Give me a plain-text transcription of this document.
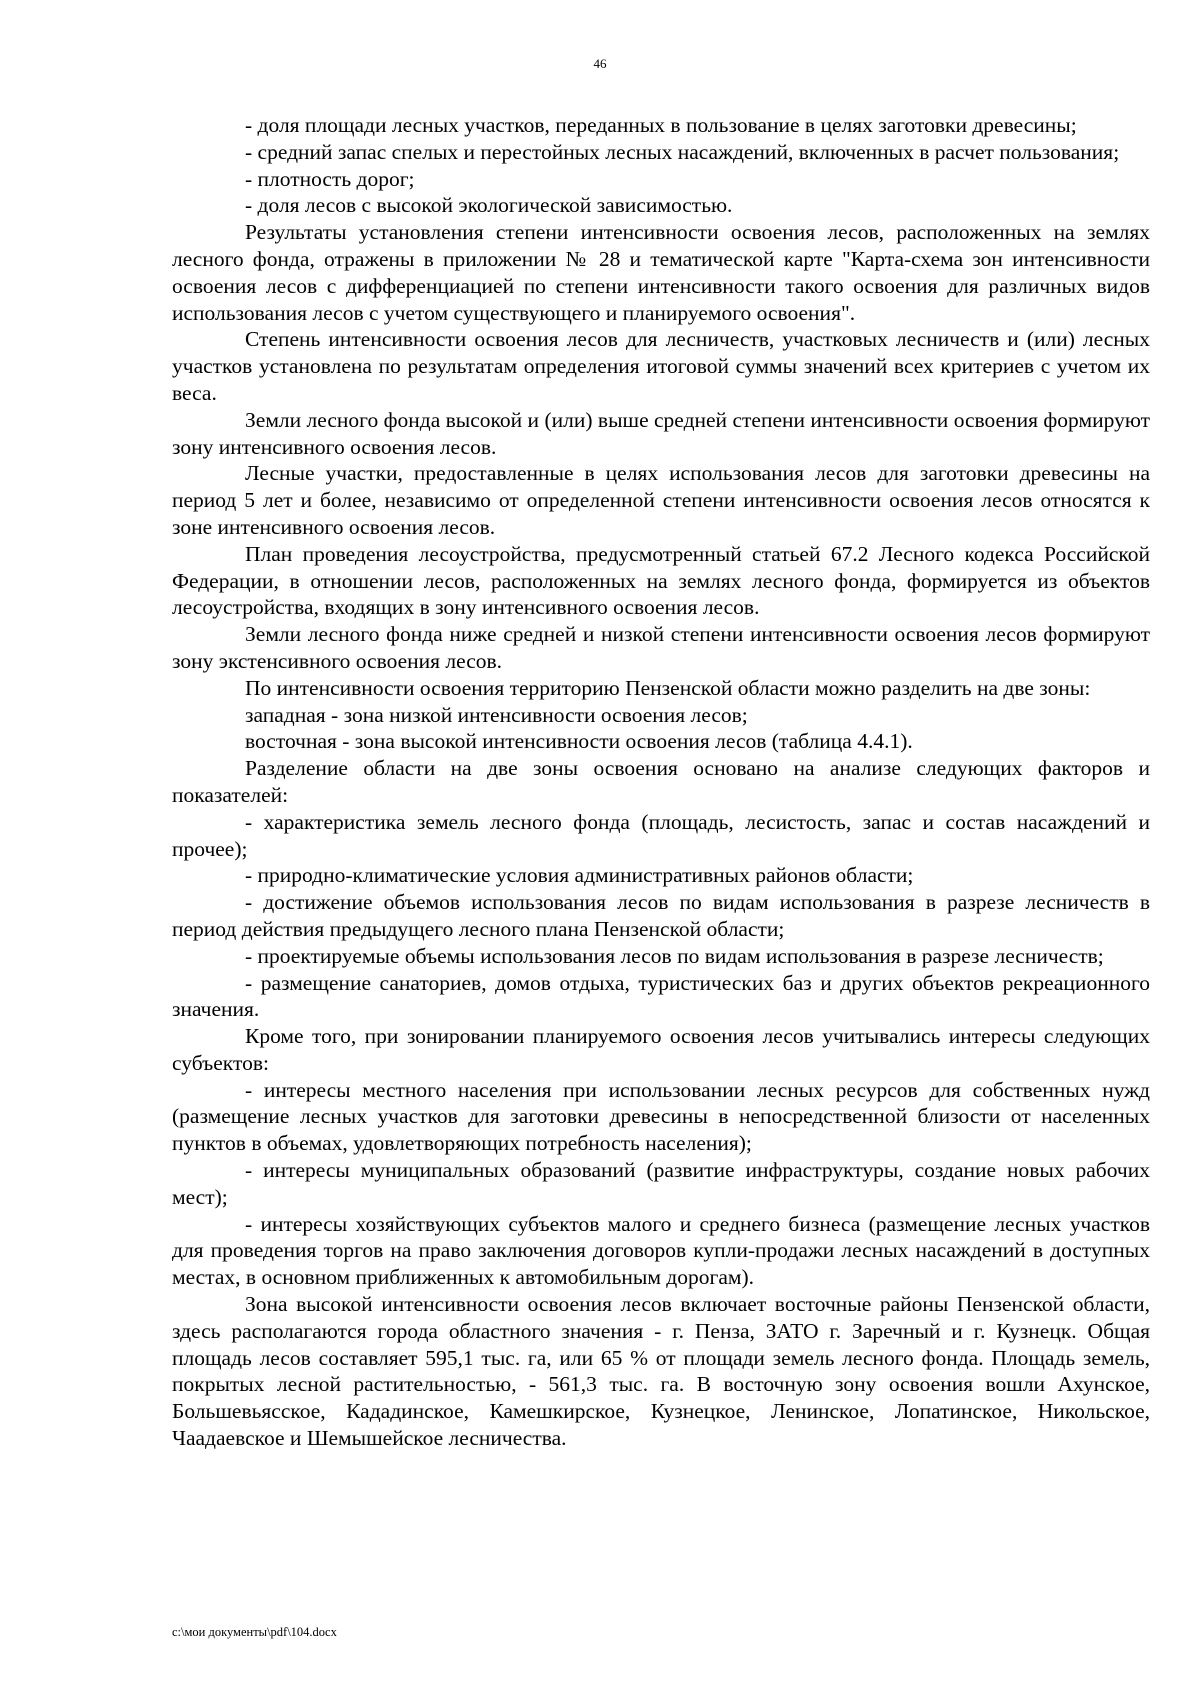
46

- доля площади лесных участков, переданных в пользование в целях заготовки древесины;

- средний запас спелых и перестойных лесных насаждений, включенных в расчет пользования;

- плотность дорог;

- доля лесов с высокой экологической зависимостью.

Результаты установления степени интенсивности освоения лесов, расположенных на землях лесного фонда, отражены в приложении № 28 и тематической карте "Карта-схема зон интенсивности освоения лесов с дифференциацией по степени интенсивности такого освоения для различных видов использования лесов с учетом существующего и планируемого освоения".

Степень интенсивности освоения лесов для лесничеств, участковых лесничеств и (или) лесных участков установлена по результатам определения итоговой суммы значений всех критериев с учетом их веса.

Земли лесного фонда высокой и (или) выше средней степени интенсивности освоения формируют зону интенсивного освоения лесов.

Лесные участки, предоставленные в целях использования лесов для заготовки древесины на период 5 лет и более, независимо от определенной степени интенсивности освоения лесов относятся к зоне интенсивного освоения лесов.

План проведения лесоустройства, предусмотренный статьей 67.2 Лесного кодекса Российской Федерации, в отношении лесов, расположенных на землях лесного фонда, формируется из объектов лесоустройства, входящих в зону интенсивного освоения лесов.

Земли лесного фонда ниже средней и низкой степени интенсивности освоения лесов формируют зону экстенсивного освоения лесов.

По интенсивности освоения территорию Пензенской области можно разделить на две зоны:

западная - зона низкой интенсивности освоения лесов;

восточная - зона высокой интенсивности освоения лесов (таблица 4.4.1).

Разделение области на две зоны освоения основано на анализе следующих факторов и показателей:

- характеристика земель лесного фонда (площадь, лесистость, запас и состав насаждений и прочее);

- природно-климатические условия административных районов области;

- достижение объемов использования лесов по видам использования в разрезе лесничеств в период действия предыдущего лесного плана Пензенской области;

- проектируемые объемы использования лесов по видам использования в разрезе лесничеств;

- размещение санаториев, домов отдыха, туристических баз и других объектов рекреационного значения.

Кроме того, при зонировании планируемого освоения лесов учитывались интересы следующих субъектов:

- интересы местного населения при использовании лесных ресурсов для собственных нужд (размещение лесных участков для заготовки древесины в непосредственной близости от населенных пунктов в объемах, удовлетворяющих потребность населения);

- интересы муниципальных образований (развитие инфраструктуры, создание новых рабочих мест);

- интересы хозяйствующих субъектов малого и среднего бизнеса (размещение лесных участков для проведения торгов на право заключения договоров купли-продажи лесных насаждений в доступных местах, в основном приближенных к автомобильным дорогам).

Зона высокой интенсивности освоения лесов включает восточные районы Пензенской области, здесь располагаются города областного значения - г. Пенза, ЗАТО г. Заречный и г. Кузнецк. Общая площадь лесов составляет 595,1 тыс. га, или 65 % от площади земель лесного фонда. Площадь земель, покрытых лесной растительностью, - 561,3 тыс. га. В восточную зону освоения вошли Ахунское, Большевьясское, Кададинское, Камешкирское, Кузнецкое, Ленинское, Лопатинское, Никольское, Чаадаевское и Шемышейское лесничества.

c:\мои документы\pdf\104.docx
